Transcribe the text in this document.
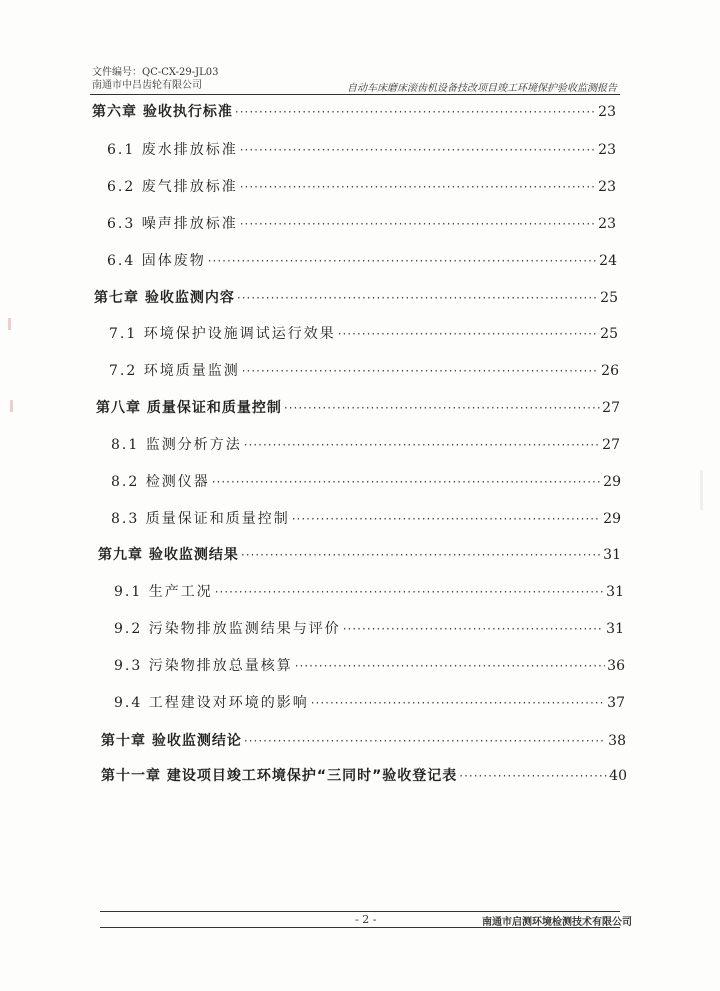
文件编号：QC-CX-29-JL03
南通市中吕齿轮有限公司	自动车床磨床滚齿机设备技改项目竣工环境保护验收监测报告
第六章 验收执行标准 ·····	23
6.1 废水排放标准 ·····	23
6.2 废气排放标准 ·····	23
6.3 噪声排放标准 ·····	23
6.4 固体废物 ·····	24
第七章 验收监测内容 ·····	25
7.1 环境保护设施调试运行效果 ·····	25
7.2 环境质量监测 ·····	26
第八章 质量保证和质量控制 ·····	27
8.1 监测分析方法 ·····	27
8.2 检测仪器 ·····	29
8.3 质量保证和质量控制 ·····	29
第九章 验收监测结果 ·····	31
9.1 生产工况 ·····	31
9.2 污染物排放监测结果与评价 ·····	31
9.3 污染物排放总量核算 ·····	36
9.4 工程建设对环境的影响 ·····	37
第十章 验收监测结论 ·····	38
第十一章 建设项目竣工环境保护“三同时”验收登记表 ·····	40
- 2 -	南通市启测环境检测技术有限公司
